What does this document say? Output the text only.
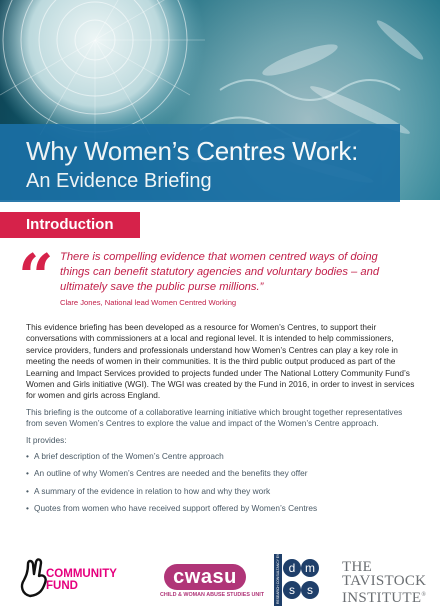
Why Women’s Centres Work:
An Evidence Briefing
Introduction
“ There is compelling evidence that women centred ways of doing things can benefit statutory agencies and voluntary bodies – and ultimately save the public purse millions.”
Clare Jones, National lead Women Centred Working

This evidence briefing has been developed as a resource for Women’s Centres, to support their conversations with commissioners at a local and regional level. It is intended to help commissioners, service providers, funders and professionals understand how Women’s Centres can play a key role in meeting the needs of women in their communities. It is the third public output produced as part of the Learning and Impact Services provided to projects funded under The National Lottery Community Fund’s Women and Girls initiative (WGI). The WGI was created by the Fund in 2016, in order to invest in services for women and girls across England.

This briefing is the outcome of a collaborative learning initiative which brought together representatives from seven Women’s Centres to explore the value and impact of the Women’s Centre approach.

It provides:

• A brief description of the Women’s Centre approach
• An outline of why Women’s Centres are needed and the benefits they offer
• A summary of the evidence in relation to how and why they work
• Quotes from women who have received support offered by Women’s Centres
COMMUNITY
FUND	cwasu
CHILD & WOMAN ABUSE STUDIES UNIT
d m
s s
RESEARCH CONSULTANCY EVALUATIONS	THE
TAVISTOCK
INSTITUTE®
